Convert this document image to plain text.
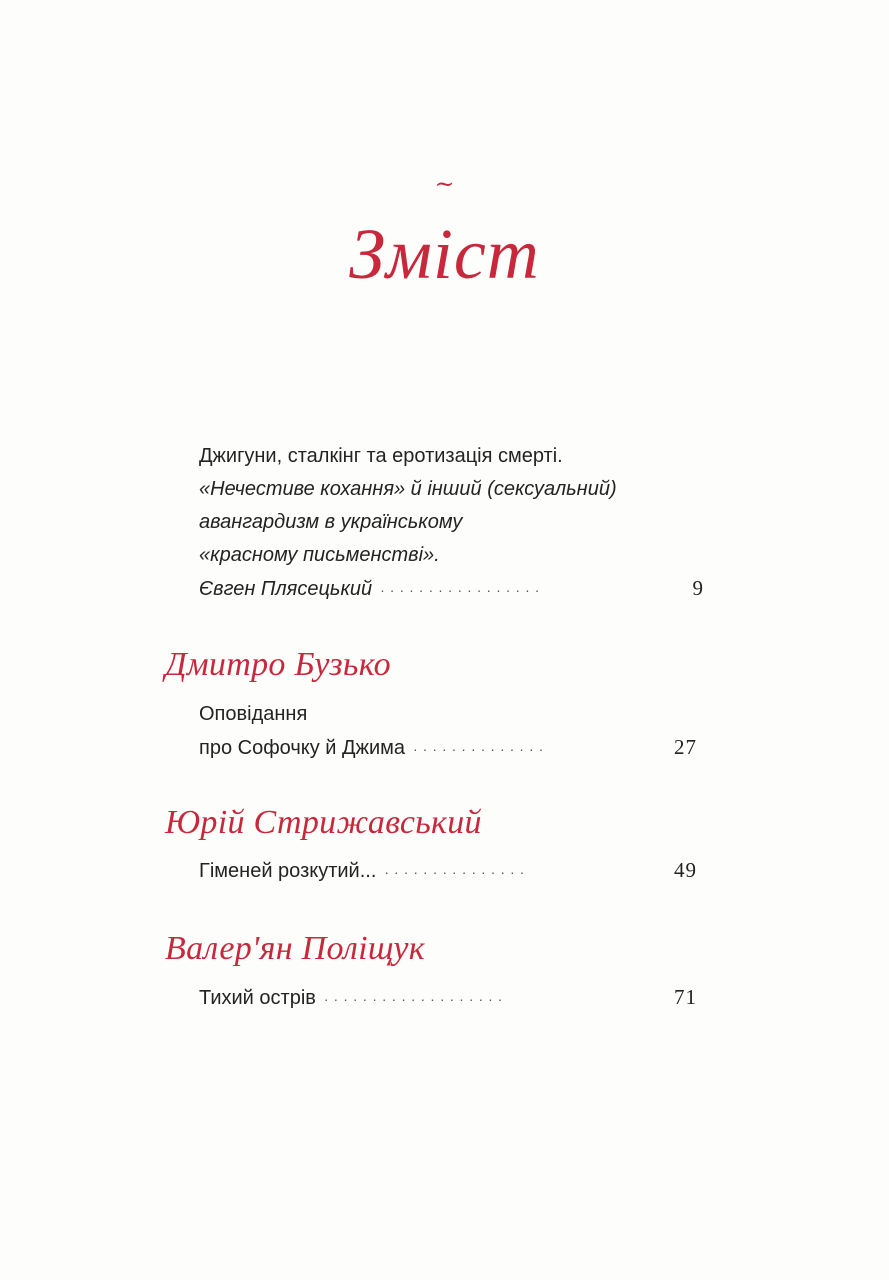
~
Зміст
Джигуни, сталкінг та еротизація смерті.
«Нечестиве кохання» й інший (сексуальний)
авангардизм в українському
«красному письменстві».
Євген Плясецький ·················	9
Дмитро Бузько
Оповідання
про Софочку й Джима ··············	27
Юрій Стрижавський
Гіменей розкутий... ···············	49
Валер'ян Поліщук
Тихий острів ···················	71
